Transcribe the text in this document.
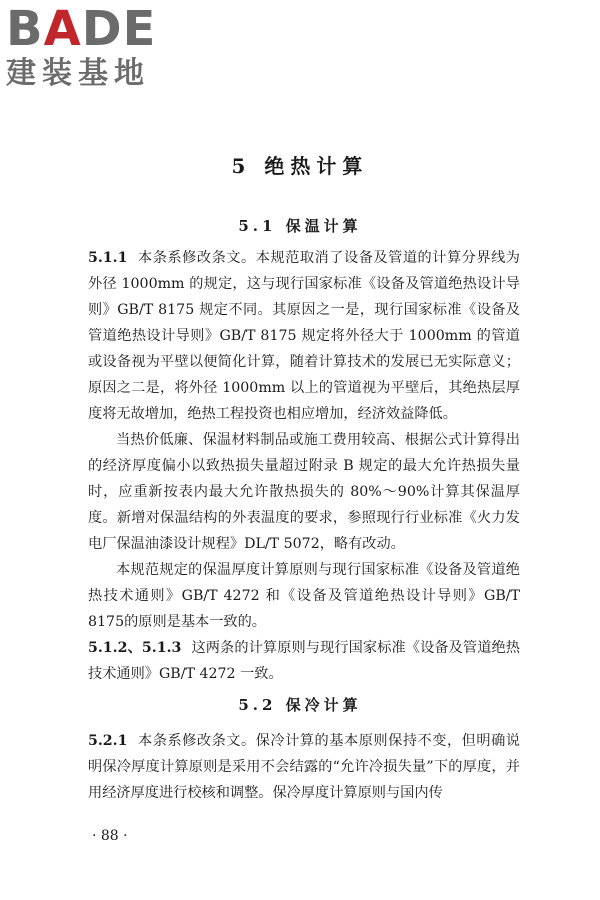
BADE
建装基地
5 绝热计算
5.1 保温计算

5.1.1 本条系修改条文。本规范取消了设备及管道的计算分界线为外径 1000mm 的规定，这与现行国家标准《设备及管道绝热设计导则》GB/T 8175 规定不同。其原因之一是，现行国家标准《设备及管道绝热设计导则》GB/T 8175 规定将外径大于 1000mm 的管道或设备视为平壁以便简化计算，随着计算技术的发展已无实际意义；原因之二是，将外径 1000mm 以上的管道视为平壁后，其绝热层厚度将无故增加，绝热工程投资也相应增加，经济效益降低。

当热价低廉、保温材料制品或施工费用较高、根据公式计算得出的经济厚度偏小以致热损失量超过附录 B 规定的最大允许热损失量时，应重新按表内最大允许散热损失的 80%～90%计算其保温厚度。新增对保温结构的外表温度的要求，参照现行行业标准《火力发电厂保温油漆设计规程》DL/T 5072，略有改动。

本规范规定的保温厚度计算原则与现行国家标准《设备及管道绝热技术通则》GB/T 4272 和《设备及管道绝热设计导则》GB/T 8175的原则是基本一致的。

5.1.2、5.1.3 这两条的计算原则与现行国家标准《设备及管道绝热技术通则》GB/T 4272 一致。

5.2 保冷计算

5.2.1 本条系修改条文。保冷计算的基本原则保持不变，但明确说明保冷厚度计算原则是采用不会结露的“允许冷损失量”下的厚度，并用经济厚度进行校核和调整。保冷厚度计算原则与国内传

· 88 ·
